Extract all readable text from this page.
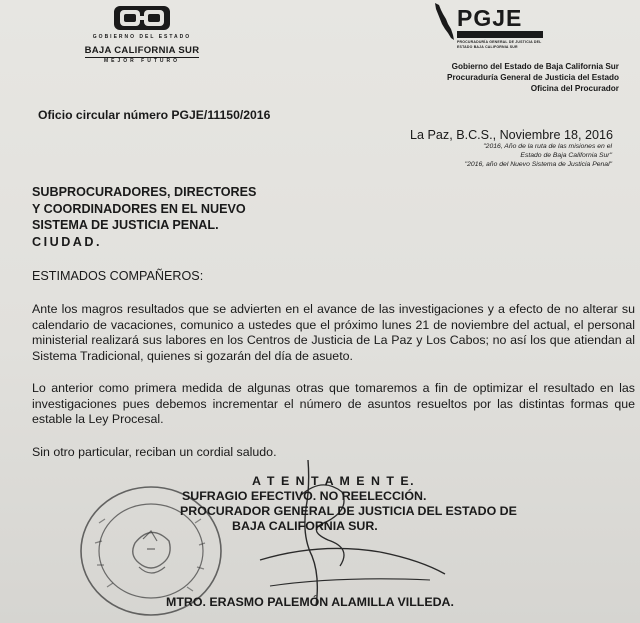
GOBIERNO DEL ESTADO
BAJA CALIFORNIA SUR
MEJOR FUTURO
PGJE
PROCURADURÍA GENERAL DE JUSTICIA DEL ESTADO BAJA CALIFORNIA SUR
Gobierno del Estado de Baja California Sur
Procuraduría General de Justicia del Estado
Oficina del Procurador
Oficio circular número PGJE/11150/2016
La Paz, B.C.S., Noviembre 18, 2016
"2016, Año de la ruta de las misiones en el
Estado de Baja California Sur"
"2016, año del Nuevo Sistema de Justicia Penal"
SUBPROCURADORES, DIRECTORES
Y COORDINADORES EN EL NUEVO
SISTEMA DE JUSTICIA PENAL.
CIUDAD.
ESTIMADOS COMPAÑEROS:
Ante los magros resultados que se advierten en el avance de las investigaciones y a efecto de no alterar su calendario de vacaciones, comunico a ustedes que el próximo lunes 21 de noviembre del actual, el personal ministerial realizará sus labores en los Centros de Justicia de La Paz y Los Cabos; no así los que atiendan al Sistema Tradicional, quienes si gozarán del día de asueto.
Lo anterior como primera medida de algunas otras que tomaremos a fin de optimizar el resultado en las investigaciones pues debemos incrementar el número de asuntos resueltos por las distintas formas que estable la Ley Procesal.
Sin otro particular, reciban un cordial saludo.
A T E N T A M E N T E.
SUFRAGIO EFECTIVO. NO REELECCIÓN.
PROCURADOR GENERAL DE JUSTICIA DEL ESTADO DE
BAJA CALIFORNIA SUR.
MTRO. ERASMO PALEMÓN ALAMILLA VILLEDA.
